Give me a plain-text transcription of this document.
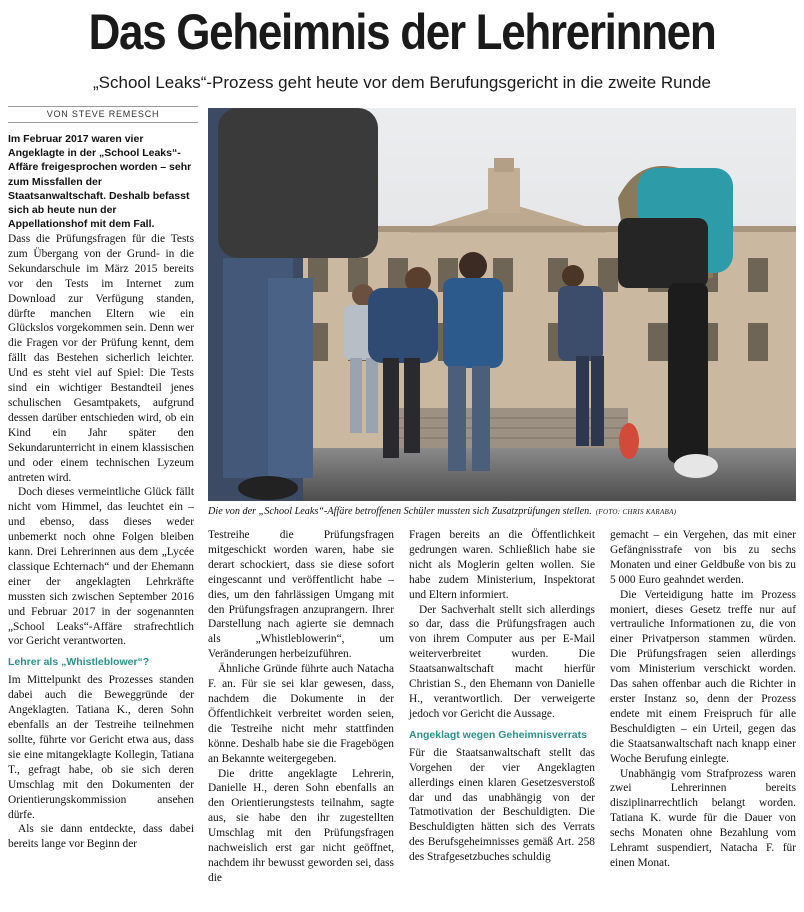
Das Geheimnis der Lehrerinnen
„School Leaks“-Prozess geht heute vor dem Berufungsgericht in die zweite Runde
VON STEVE REMESCH
Im Februar 2017 waren vier Angeklagte in der „School Leaks“-Affäre freigesprochen worden – sehr zum Missfallen der Staatsanwaltschaft. Deshalb befasst sich ab heute nun der Appellationshof mit dem Fall.
Die von der „School Leaks“-Affäre betroffenen Schüler mussten sich Zusatzprüfungen stellen. (FOTO: CHRIS KARABA)

Dass die Prüfungsfragen für die Tests zum Übergang von der Grund- in die Sekundarschule im März 2015 bereits vor den Tests im Internet zum Download zur Verfügung standen, dürfte manchen Eltern wie ein Glückslos vorgekommen sein. Denn wer die Fragen vor der Prüfung kennt, dem fällt das Bestehen sicherlich leichter. Und es steht viel auf Spiel: Die Tests sind ein wichtiger Bestandteil jenes schulischen Gesamtpakets, aufgrund dessen darüber entschieden wird, ob ein Kind ein Jahr später den Sekundarunterricht in einem klassischen und oder einem technischen Lyzeum antreten wird.

Doch dieses vermeintliche Glück fällt nicht vom Himmel, das leuchtet ein – und ebenso, dass dieses weder unbemerkt noch ohne Folgen bleiben kann. Drei Lehrerinnen aus dem „Lycée classique Echternach“ und der Ehemann einer der angeklagten Lehrkräfte mussten sich zwischen September 2016 und Februar 2017 in der sogenannten „School Leaks“-Affäre strafrechtlich vor Gericht verantworten.

Lehrer als „Whistleblower“?

Im Mittelpunkt des Prozesses standen dabei auch die Beweggründe der Angeklagten. Tatiana K., deren Sohn ebenfalls an der Testreihe teilnehmen sollte, führte vor Gericht etwa aus, dass sie eine mitangeklagte Kollegin, Tatiana T., gefragt habe, ob sie sich deren Umschlag mit den Dokumenten der Orientierungskommission ansehen dürfe.

Als sie dann entdeckte, dass dabei bereits lange vor Beginn der

Testreihe die Prüfungsfragen mitgeschickt worden waren, habe sie derart schockiert, dass sie diese sofort eingescannt und veröffentlicht habe – dies, um den fahrlässigen Umgang mit den Prüfungsfragen anzuprangern. Ihrer Darstellung nach agierte sie demnach als „Whistleblowerin“, um Veränderungen herbeizuführen.

Ähnliche Gründe führte auch Natacha F. an. Für sie sei klar gewesen, dass, nachdem die Dokumente in der Öffentlichkeit verbreitet worden seien, die Testreihe nicht mehr stattfinden könne. Deshalb habe sie die Fragebögen an Bekannte weitergegeben.

Die dritte angeklagte Lehrerin, Danielle H., deren Sohn ebenfalls an den Orientierungstests teilnahm, sagte aus, sie habe den ihr zugestellten Umschlag mit den Prüfungsfragen nachweislich erst gar nicht geöffnet, nachdem ihr bewusst geworden sei, dass die

Fragen bereits an die Öffentlichkeit gedrungen waren. Schließlich habe sie nicht als Moglerin gelten wollen. Sie habe zudem Ministerium, Inspektorat und Eltern informiert.

Der Sachverhalt stellt sich allerdings so dar, dass die Prüfungsfragen auch von ihrem Computer aus per E-Mail weiterverbreitet wurden. Die Staatsanwaltschaft macht hierfür Christian S., den Ehemann von Danielle H., verantwortlich. Der verweigerte jedoch vor Gericht die Aussage.

Angeklagt wegen Geheimnisverrats

Für die Staatsanwaltschaft stellt das Vorgehen der vier Angeklagten allerdings einen klaren Gesetzesverstoß dar und das unabhängig von der Tatmotivation der Beschuldigten. Die Beschuldigten hätten sich des Verrats des Berufsgeheimnisses gemäß Art. 258 des Strafgesetzbuches schuldig

gemacht – ein Vergehen, das mit einer Gefängnisstrafe von bis zu sechs Monaten und einer Geldbuße von bis zu 5 000 Euro geahndet werden.

Die Verteidigung hatte im Prozess moniert, dieses Gesetz treffe nur auf vertrauliche Informationen zu, die von einer Privatperson stammen würden. Die Prüfungsfragen seien allerdings vom Ministerium verschickt worden. Das sahen offenbar auch die Richter in erster Instanz so, denn der Prozess endete mit einem Freispruch für alle Beschuldigten – ein Urteil, gegen das die Staatsanwaltschaft nach knapp einer Woche Berufung einlegte.

Unabhängig vom Strafprozess waren zwei Lehrerinnen bereits disziplinarrechtlich belangt worden. Tatiana K. wurde für die Dauer von sechs Monaten ohne Bezahlung vom Lehramt suspendiert, Natacha F. für einen Monat.
